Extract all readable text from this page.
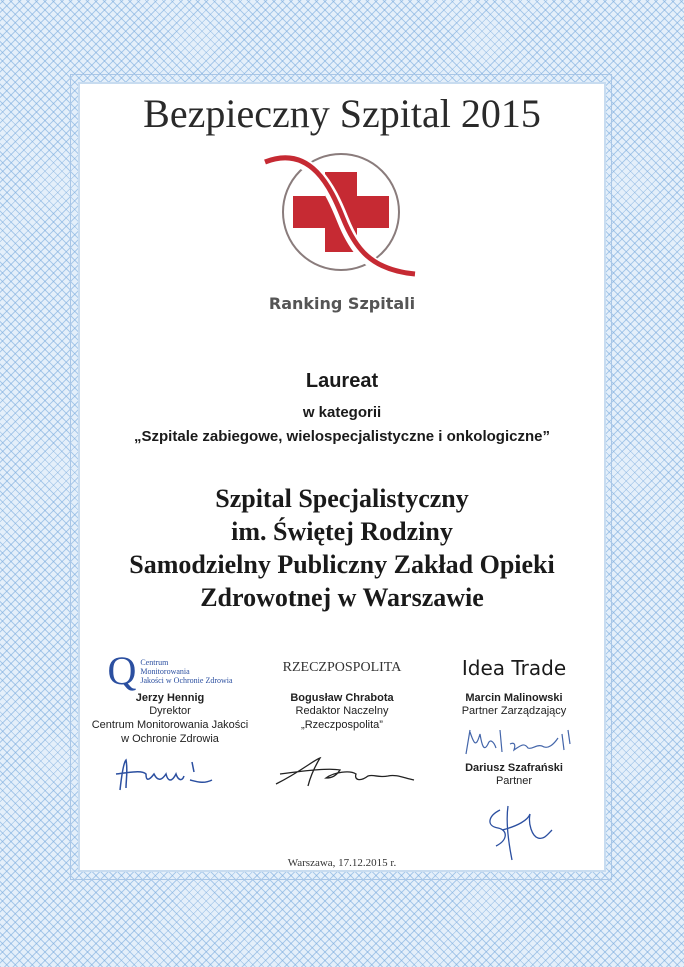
Bezpieczny Szpital 2015
Ranking Szpitali
Laureat
w kategorii
„Szpitale zabiegowe, wielospecjalistyczne i onkologiczne”
Szpital Specjalistyczny
im. Świętej Rodziny
Samodzielny Publiczny Zakład Opieki
Zdrowotnej w Warszawie
Q Centrum
Monitorowania
Jakości w Ochronie Zdrowia
Jerzy Hennig
Dyrektor
Centrum Monitorowania Jakości
w Ochronie Zdrowia
RZECZPOSPOLITA
Bogusław Chrabota
Redaktor Naczelny
„Rzeczpospolita”
Idea Trade
Marcin Malinowski
Partner Zarządzający
Dariusz Szafrański
Partner
Warszawa, 17.12.2015 r.
